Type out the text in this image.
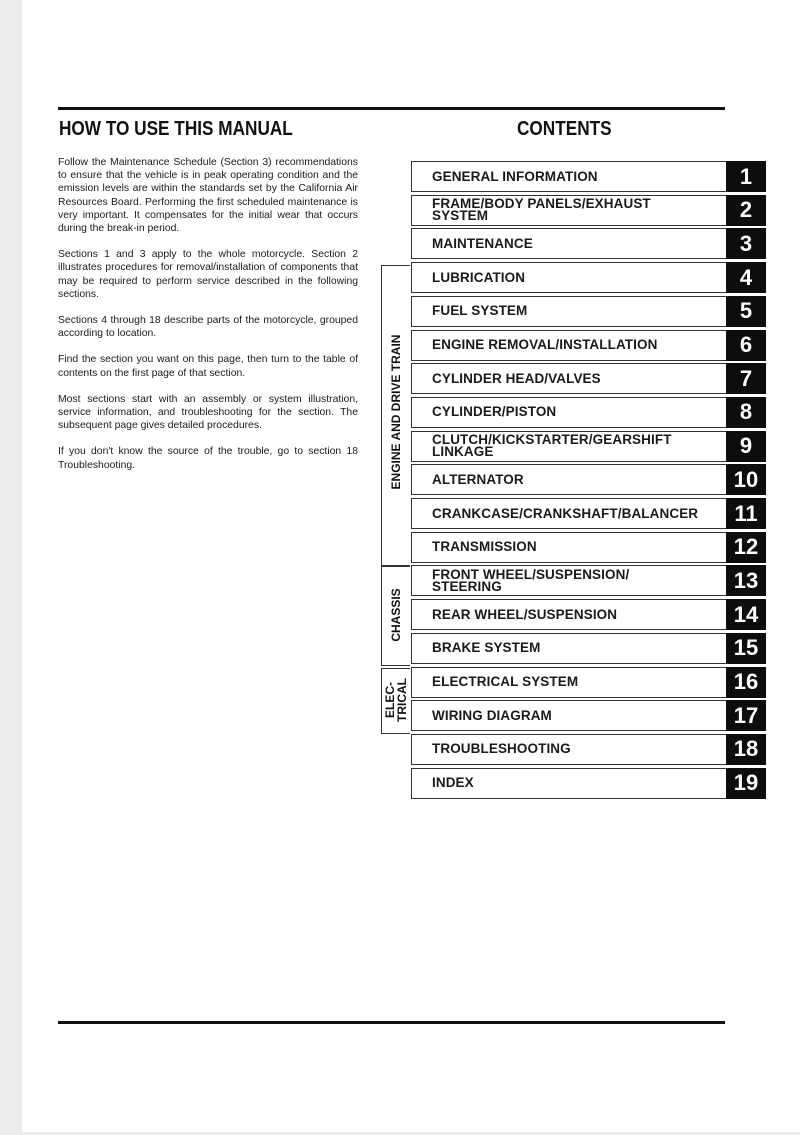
HOW TO USE THIS MANUAL	CONTENTS

Follow the Maintenance Schedule (Section 3) recommendations to ensure that the vehicle is in peak operating condition and the emission levels are within the standards set by the California Air Resources Board. Performing the first scheduled maintenance is very important. It compensates for the initial wear that occurs during the break-in period.

Sections 1 and 3 apply to the whole motorcycle. Section 2 illustrates procedures for removal/installation of components that may be required to perform service described in the following sections.

Sections 4 through 18 describe parts of the motorcycle, grouped according to location.

Find the section you want on this page, then turn to the table of contents on the first page of that section.

Most sections start with an assembly or system illustration, service information, and troubleshooting for the section. The subsequent page gives detailed procedures.

If you don't know the source of the trouble, go to section 18 Troubleshooting.	ENGINE AND DRIVE TRAIN
CHASSIS
ELEC-
TRICAL
GENERAL INFORMATION	1
FRAME/BODY PANELS/EXHAUST
SYSTEM	2
MAINTENANCE	3
LUBRICATION	4
FUEL SYSTEM	5
ENGINE REMOVAL/INSTALLATION	6
CYLINDER HEAD/VALVES	7
CYLINDER/PISTON	8
CLUTCH/KICKSTARTER/GEARSHIFT
LINKAGE	9
ALTERNATOR	10
CRANKCASE/CRANKSHAFT/BALANCER	11
TRANSMISSION	12
FRONT WHEEL/SUSPENSION/
STEERING	13
REAR WHEEL/SUSPENSION	14
BRAKE SYSTEM	15
ELECTRICAL SYSTEM	16
WIRING DIAGRAM	17
TROUBLESHOOTING	18
INDEX	19
